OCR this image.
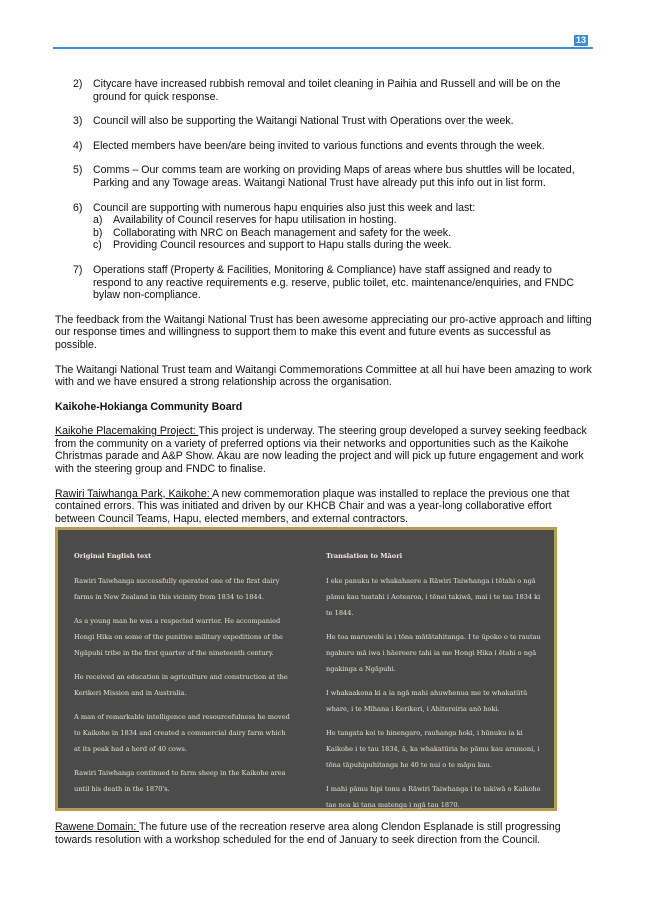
13
2) Citycare have increased rubbish removal and toilet cleaning in Paihia and Russell and will be on the ground for quick response.
3) Council will also be supporting the Waitangi National Trust with Operations over the week.
4) Elected members have been/are being invited to various functions and events through the week.
5) Comms – Our comms team are working on providing Maps of areas where bus shuttles will be located, Parking and any Towage areas. Waitangi National Trust have already put this info out in list form.
6) Council are supporting with numerous hapu enquiries also just this week and last:
a) Availability of Council reserves for hapu utilisation in hosting.
b) Collaborating with NRC on Beach management and safety for the week.
c) Providing Council resources and support to Hapu stalls during the week.
7) Operations staff (Property & Facilities, Monitoring & Compliance) have staff assigned and ready to respond to any reactive requirements e.g. reserve, public toilet, etc. maintenance/enquiries, and FNDC bylaw non-compliance.

The feedback from the Waitangi National Trust has been awesome appreciating our pro-active approach and lifting our response times and willingness to support them to make this event and future events as successful as possible.

The Waitangi National Trust team and Waitangi Commemorations Committee at all hui have been amazing to work with and we have ensured a strong relationship across the organisation.

Kaikohe-Hokianga Community Board

Kaikohe Placemaking Project: This project is underway. The steering group developed a survey seeking feedback from the community on a variety of preferred options via their networks and opportunities such as the Kaikohe Christmas parade and A&P Show. Akau are now leading the project and will pick up future engagement and work with the steering group and FNDC to finalise.

Rawiri Taiwhanga Park, Kaikohe: A new commemoration plaque was installed to replace the previous one that contained errors. This was initiated and driven by our KHCB Chair and was a year-long collaborative effort between Council Teams, Hapu, elected members, and external contractors.

Original English text
Rawiri Taiwhanga successfully operated one of the first dairy farms in New Zealand in this vicinity from 1834 to 1844.
As a young man he was a respected warrior. He accompanied Hongi Hika on some of the punitive military expeditions of the Ngāpuhi tribe in the first quarter of the nineteenth century.
He received an education in agriculture and construction at the Kerikeri Mission and in Australia.
A man of remarkable intelligence and resourcefulness he moved to Kaikohe in 1834 and created a commercial dairy farm which at its peak had a herd of 40 cows.
Rawiri Taiwhanga continued to farm sheep in the Kaikohe area until his death in the 1870's.
Translation to Māori
I eke panuku te whakahaere a Rāwiri Taiwhanga i tētahi o ngā pāmu kau tuatahi i Aotearoa, i tēnei takiwā, mai i te tau 1834 ki te 1844.
He toa maruwehi ia i tōna mātātahitanga. I te ūpoko o te rautau ngahuru mā iwa i hāereere tahi ia me Hongi Hika i ētahi o ngā ngakinga a Ngāpuhi.
I whakaakona ki a ia ngā mahi ahuwhenua me te whakatūtū whare, i te Mīhana i Kerikeri, i Ahitereiria anō hoki.
He tangata koi te hinengaro, rauhanga hoki, i hūnuku ia ki Kaikohe i te tau 1834, ā, ka whakatūria he pāmu kau arumoni, i tōna tāpuhipuhitanga he 40 te nui o te māpu kau.
I mahi pāmu hipi tonu a Rāwiri Taiwhanga i te takiwā o Kaikohe tae noa ki tana matenga i ngā tau 1870.

Rawene Domain: The future use of the recreation reserve area along Clendon Esplanade is still progressing towards resolution with a workshop scheduled for the end of January to seek direction from the Council.
